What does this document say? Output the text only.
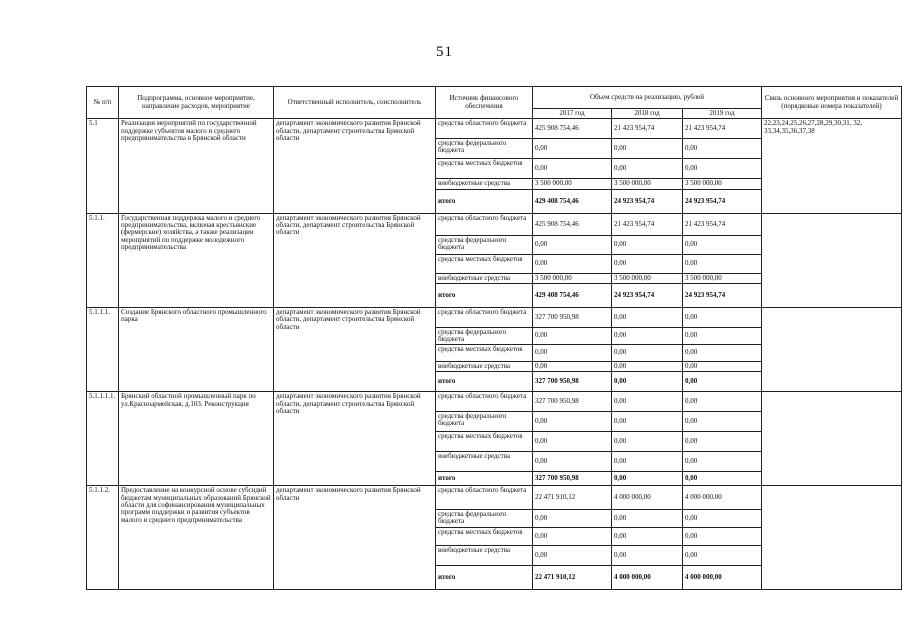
51
№ п/п	Подпрограмма, основное мероприятие, направление расходов, мероприятие	Ответственный исполнитель, соисполнитель	Источник финансового обеспечения	Объем средств на реализацию, рублей			Связь основного мероприятия и показателей (порядковые номера показателей)
				2017 год	2018 год	2019 год	
5.1	Реализация мероприятий по государственной поддержке субъектов малого и среднего предпринимательства в Брянской области	департамент экономического развития Брянской области, департамент строительства Брянской области	средства областного бюджета	425 908 754,46	21 423 954,74	21 423 954,74	22,23,24,25,26,27,28,29,30,31, 32, 33,34,35,36,37,38
			средства федерального бюджета	0,00	0,00	0,00	
			средства местных бюджетов	0,00	0,00	0,00	
			внебюджетные средства	3 500 000,00	3 500 000,00	3 500 000,00	
			итого	429 408 754,46	24 923 954,74	24 923 954,74	
5.1.1.	Государственная поддержка малого и среднего предпринимательства, включая крестьянские (фермерские) хозяйства, а также реализация мероприятий по поддержке молодежного предпринимательства	департамент экономического развития Брянской области, департамент строительства Брянской области	средства областного бюджета	425 908 754,46	21 423 954,74	21 423 954,74	
			средства федерального бюджета	0,00	0,00	0,00	
			средства местных бюджетов	0,00	0,00	0,00	
			внебюджетные средства	3 500 000,00	3 500 000,00	3 500 000,00	
			итого	429 408 754,46	24 923 954,74	24 923 954,74	
5.1.1.1.	Создание Брянского областного промышленного парка	департамент экономического развития Брянской области, департамент строительства Брянской области	средства областного бюджета	327 700 950,98	0,00	0,00	
			средства федерального бюджета	0,00	0,00	0,00	
			средства местных бюджетов	0,00	0,00	0,00	
			внебюджетные средства	0,00	0,00	0,00	
			итого	327 700 950,98	0,00	0,00	
5.1.1.1.1.	Брянский областной промышленный парк по ул.Красноармейская, д.103. Реконструкция	департамент экономического развития Брянской области, департамент строительства Брянской области	средства областного бюджета	327 700 950,98	0,00	0,00	
			средства федерального бюджета	0,00	0,00	0,00	
			средства местных бюджетов	0,00	0,00	0,00	
			внебюджетные средства	0,00	0,00	0,00	
			итого	327 700 950,98	0,00	0,00	
5.1.1.2.	Предоставление на конкурсной основе субсидий бюджетам муниципальных образований Брянской области для софинансирования муниципальных программ поддержки и развития субъектов малого и среднего предпринимательства	департамент экономического развития Брянской области	средства областного бюджета	22 471 910,12	4 000 000,00	4 000 000,00	
			средства федерального бюджета	0,00	0,00	0,00	
			средства местных бюджетов	0,00	0,00	0,00	
			внебюджетные средства	0,00	0,00	0,00	
			итого	22 471 910,12	4 000 000,00	4 000 000,00	
